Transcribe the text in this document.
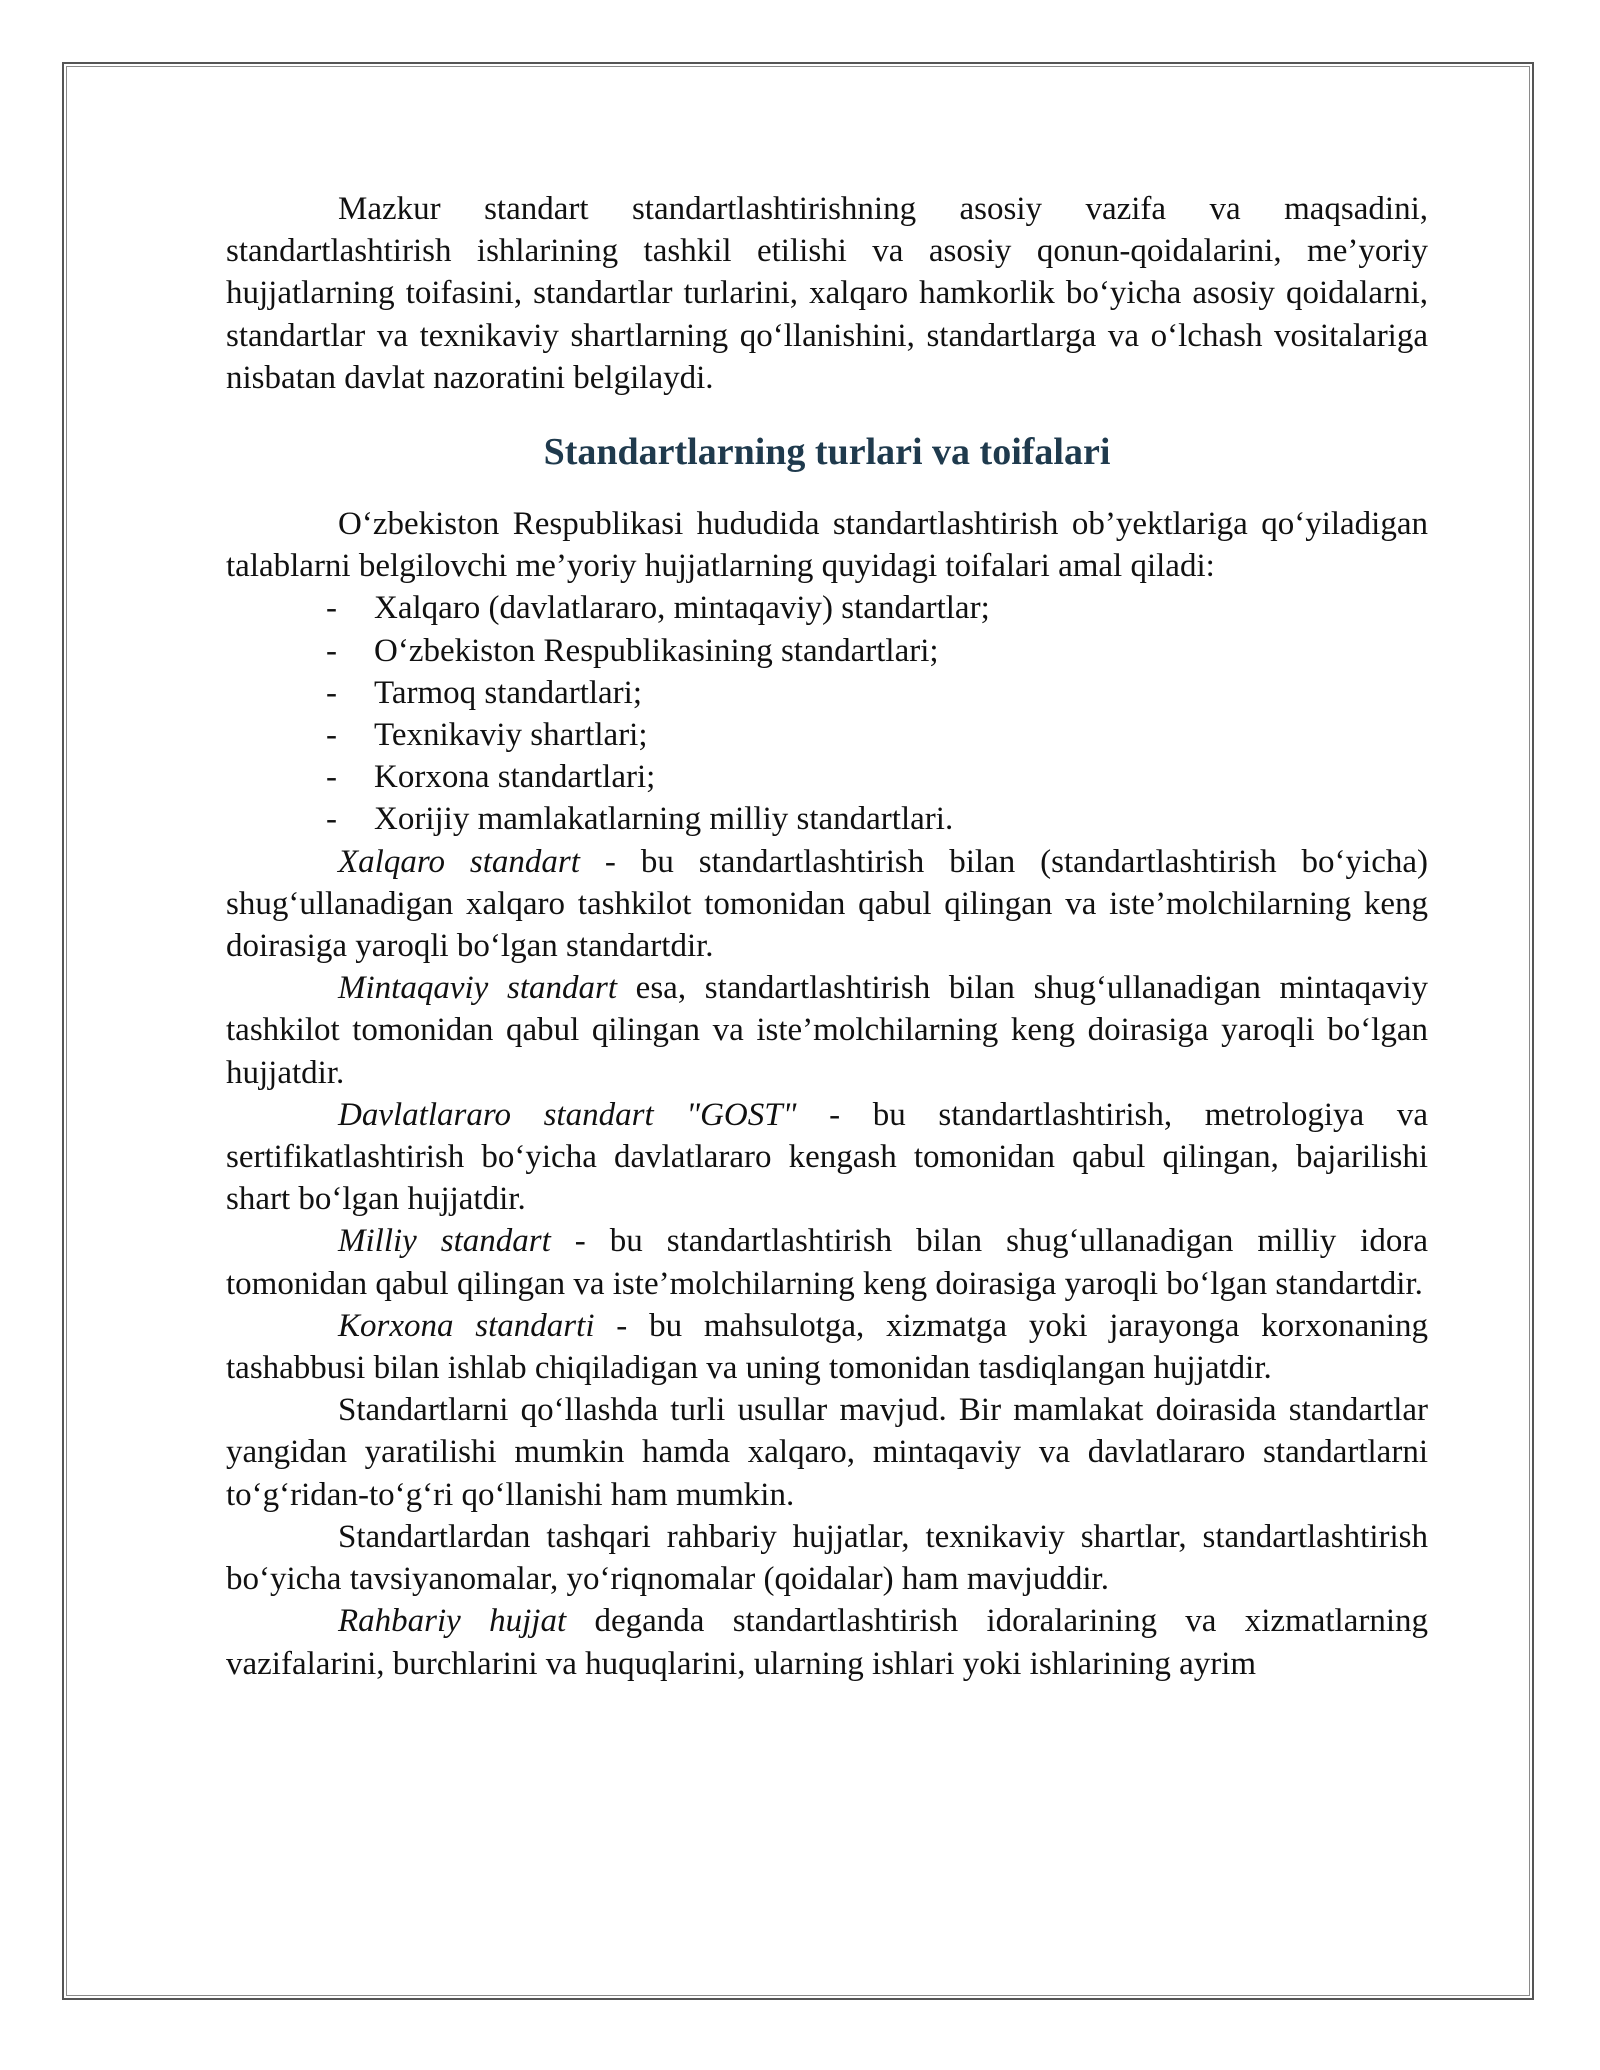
Mazkur standart standartlashtirishning asosiy vazifa va maqsadini, standartlashtirish ishlarining tashkil etilishi va asosiy qonun-qoidalarini, me’yoriy hujjatlarning toifasini, standartlar turlarini, xalqaro hamkorlik bo‘yicha asosiy qoidalarni, standartlar va texnikaviy shartlarning qo‘llanishini, standartlarga va o‘lchash vositalariga nisbatan davlat nazoratini belgilaydi.

Standartlarning turlari va toifalari

O‘zbekiston Respublikasi hududida standartlashtirish ob’yektlariga qo‘yiladigan talablarni belgilovchi me’yoriy hujjatlarning quyidagi toifalari amal qiladi:

- Xalqaro (davlatlararo, mintaqaviy) standartlar;
- O‘zbekiston Respublikasining standartlari;
- Tarmoq standartlari;
- Texnikaviy shartlari;
- Korxona standartlari;
- Xorijiy mamlakatlarning milliy standartlari.

Xalqaro standart - bu standartlashtirish bilan (standartlashtirish bo‘yicha) shug‘ullanadigan xalqaro tashkilot tomonidan qabul qilingan va iste’molchilarning keng doirasiga yaroqli bo‘lgan standartdir.

Mintaqaviy standart esa, standartlashtirish bilan shug‘ullanadigan mintaqaviy tashkilot tomonidan qabul qilingan va iste’molchilarning keng doirasiga yaroqli bo‘lgan hujjatdir.

Davlatlararo standart "GOST" - bu standartlashtirish, metrologiya va sertifikatlashtirish bo‘yicha davlatlararo kengash tomonidan qabul qilingan, bajarilishi shart bo‘lgan hujjatdir.

Milliy standart - bu standartlashtirish bilan shug‘ullanadigan milliy idora tomonidan qabul qilingan va iste’molchilarning keng doirasiga yaroqli bo‘lgan standartdir.

Korxona standarti - bu mahsulotga, xizmatga yoki jarayonga korxonaning tashabbusi bilan ishlab chiqiladigan va uning tomonidan tasdiqlangan hujjatdir.

Standartlarni qo‘llashda turli usullar mavjud. Bir mamlakat doirasida standartlar yangidan yaratilishi mumkin hamda xalqaro, mintaqaviy va davlatlararo standartlarni to‘g‘ridan-to‘g‘ri qo‘llanishi ham mumkin.

Standartlardan tashqari rahbariy hujjatlar, texnikaviy shartlar, standartlashtirish bo‘yicha tavsiyanomalar, yo‘riqnomalar (qoidalar) ham mavjuddir.

Rahbariy hujjat deganda standartlashtirish idoralarining va xizmatlarning vazifalarini, burchlarini va huquqlarini, ularning ishlari yoki ishlarining ayrim
